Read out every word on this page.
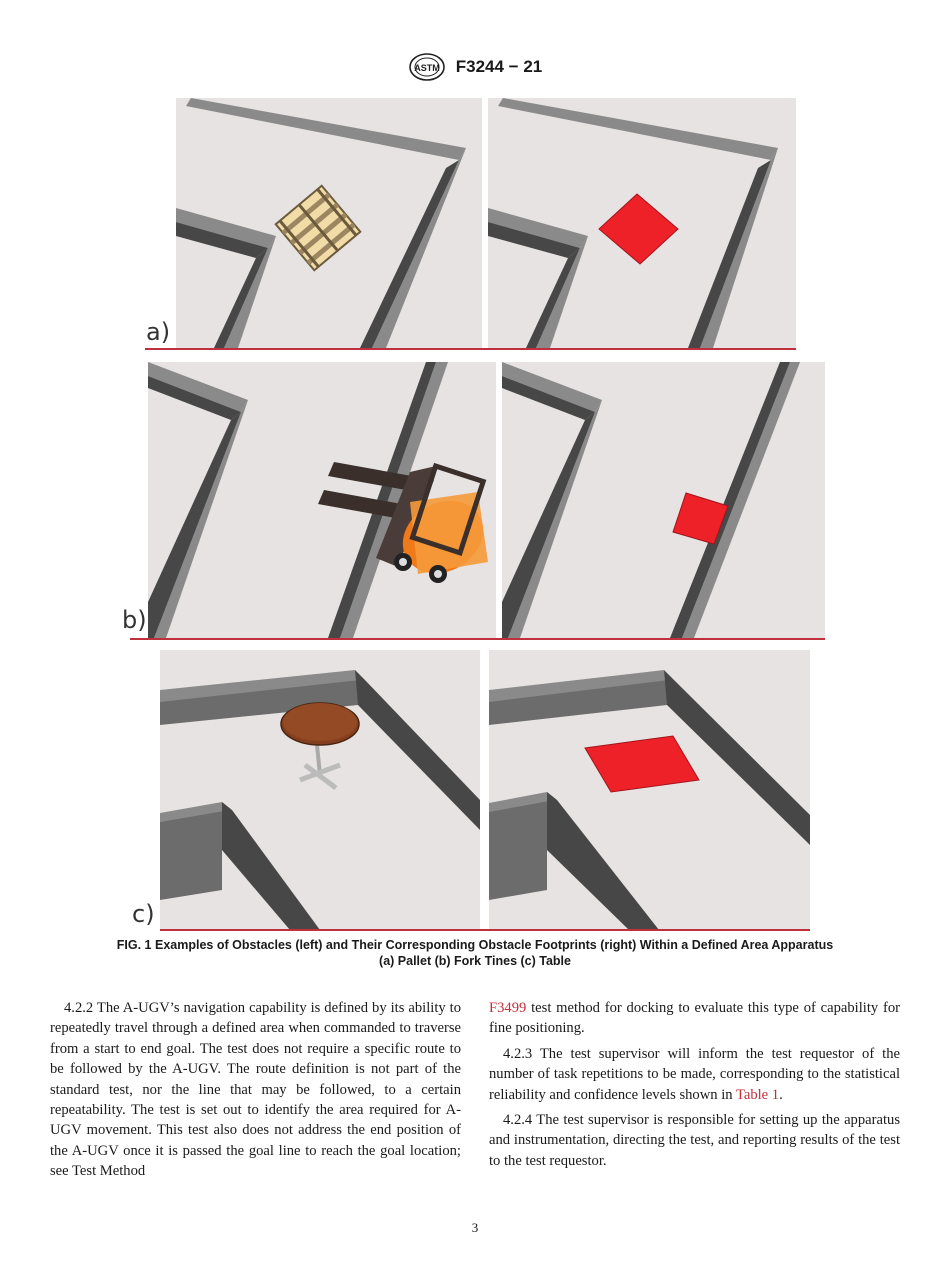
ASTM F3244 − 21
a)
b)
c)
FIG. 1 Examples of Obstacles (left) and Their Corresponding Obstacle Footprints (right) Within a Defined Area Apparatus
(a) Pallet (b) Fork Tines (c) Table

4.2.2 The A-UGV’s navigation capability is defined by its ability to repeatedly travel through a defined area when commanded to traverse from a start to end goal. The test does not require a specific route to be followed by the A-UGV. The route definition is not part of the standard test, nor the line that may be followed, to a certain repeatability. The test is set out to identify the area required for A-UGV movement. This test also does not address the end position of the A-UGV once it is passed the goal line to reach the goal location; see Test Method

F3499 test method for docking to evaluate this type of capability for fine positioning.

4.2.3 The test supervisor will inform the test requestor of the number of task repetitions to be made, corresponding to the statistical reliability and confidence levels shown in Table 1.

4.2.4 The test supervisor is responsible for setting up the apparatus and instrumentation, directing the test, and reporting results of the test to the test requestor.

3
